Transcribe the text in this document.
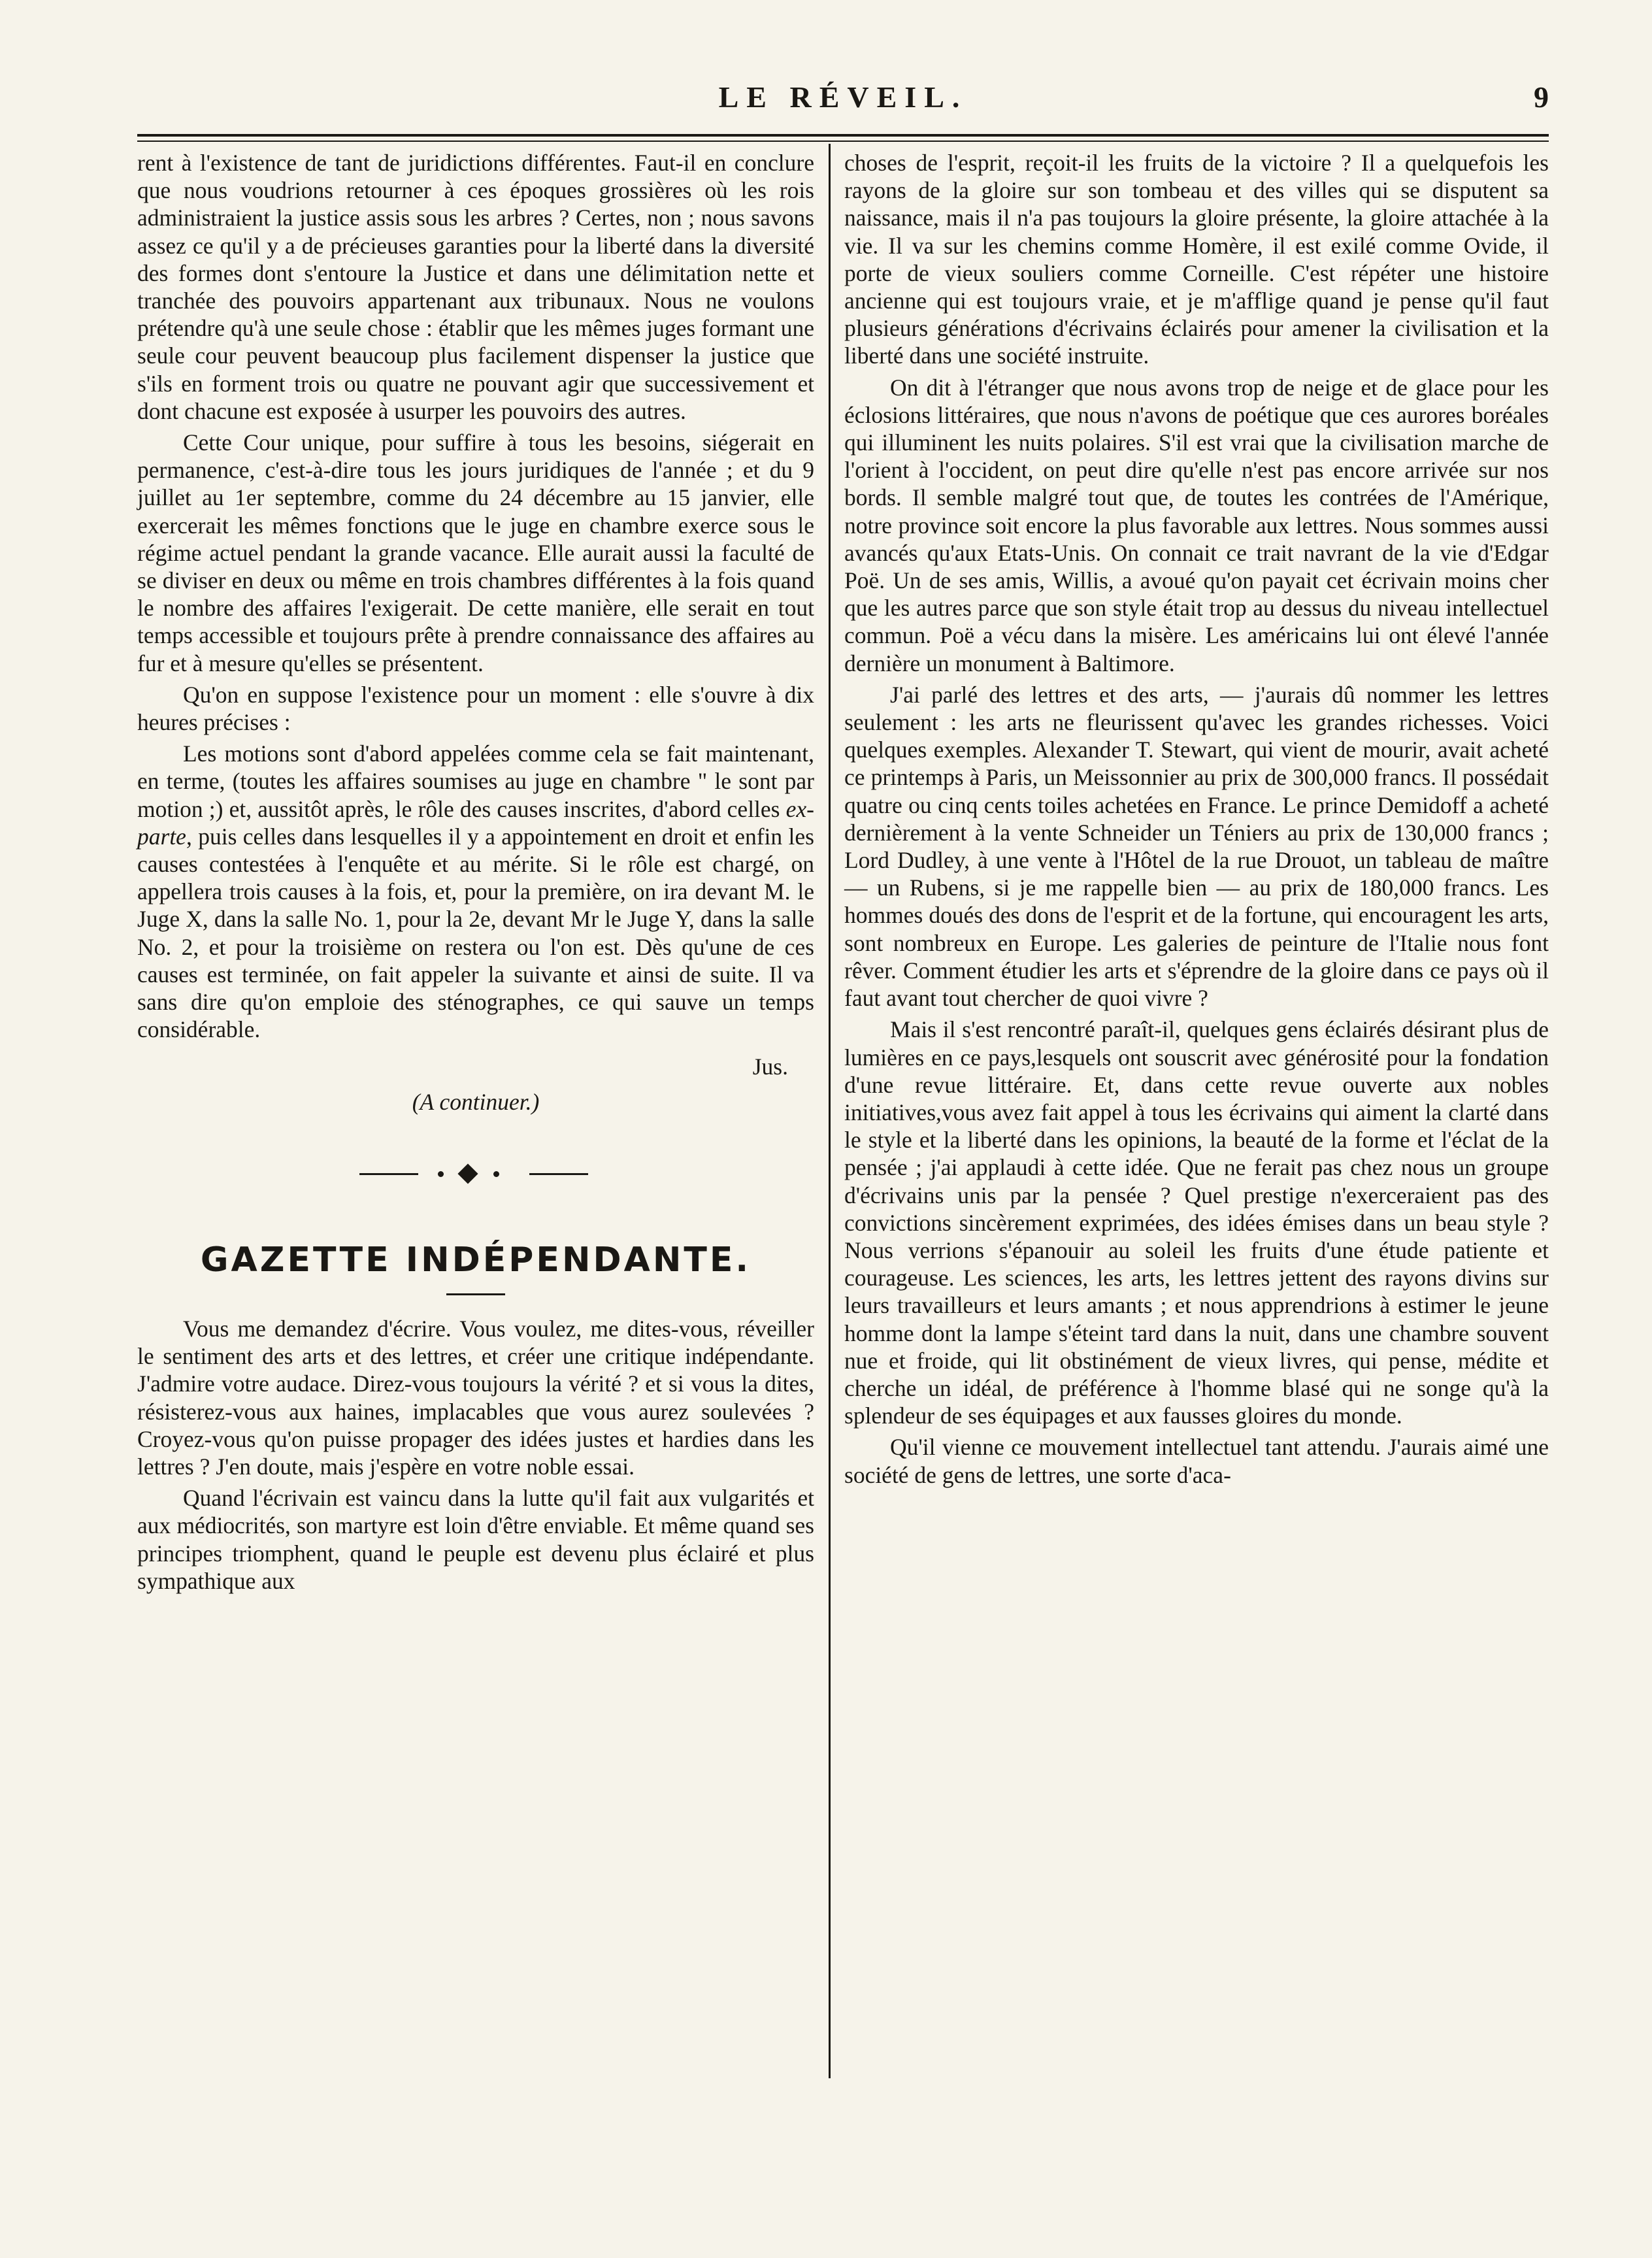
LE RÉVEIL.	9

rent à l'existence de tant de juridictions différentes. Faut-il en conclure que nous voudrions retourner à ces époques grossières où les rois administraient la justice assis sous les arbres ? Certes, non ; nous savons assez ce qu'il y a de précieuses garanties pour la liberté dans la diversité des formes dont s'entoure la Justice et dans une délimitation nette et tranchée des pouvoirs appartenant aux tribunaux. Nous ne voulons prétendre qu'à une seule chose : établir que les mêmes juges formant une seule cour peuvent beaucoup plus facilement dispenser la justice que s'ils en forment trois ou quatre ne pouvant agir que successivement et dont chacune est exposée à usurper les pouvoirs des autres.

Cette Cour unique, pour suffire à tous les besoins, siégerait en permanence, c'est-à-dire tous les jours juridiques de l'année ; et du 9 juillet au 1er septembre, comme du 24 décembre au 15 janvier, elle exercerait les mêmes fonctions que le juge en chambre exerce sous le régime actuel pendant la grande vacance. Elle aurait aussi la faculté de se diviser en deux ou même en trois chambres différentes à la fois quand le nombre des affaires l'exigerait. De cette manière, elle serait en tout temps accessible et toujours prête à prendre connaissance des affaires au fur et à mesure qu'elles se présentent.

Qu'on en suppose l'existence pour un moment : elle s'ouvre à dix heures précises :

Les motions sont d'abord appelées comme cela se fait maintenant, en terme, (toutes les affaires soumises au juge en chambre " le sont par motion ;) et, aussitôt après, le rôle des causes inscrites, d'abord celles ex-parte, puis celles dans lesquelles il y a appointement en droit et enfin les causes contestées à l'enquête et au mérite. Si le rôle est chargé, on appellera trois causes à la fois, et, pour la première, on ira devant M. le Juge X, dans la salle No. 1, pour la 2e, devant Mr le Juge Y, dans la salle No. 2, et pour la troisième on restera ou l'on est. Dès qu'une de ces causes est terminée, on fait appeler la suivante et ainsi de suite. Il va sans dire qu'on emploie des sténographes, ce qui sauve un temps considérable.

Jus.

(A continuer.)

GAZETTE INDÉPENDANTE.

Vous me demandez d'écrire. Vous voulez, me dites-vous, réveiller le sentiment des arts et des lettres, et créer une critique indépendante. J'admire votre audace. Direz-vous toujours la vérité ? et si vous la dites, résisterez-vous aux haines, implacables que vous aurez soulevées ? Croyez-vous qu'on puisse propager des idées justes et hardies dans les lettres ? J'en doute, mais j'espère en votre noble essai.

Quand l'écrivain est vaincu dans la lutte qu'il fait aux vulgarités et aux médiocrités, son martyre est loin d'être enviable. Et même quand ses principes triomphent, quand le peuple est devenu plus éclairé et plus sympathique aux

choses de l'esprit, reçoit-il les fruits de la victoire ? Il a quelquefois les rayons de la gloire sur son tombeau et des villes qui se disputent sa naissance, mais il n'a pas toujours la gloire présente, la gloire attachée à la vie. Il va sur les chemins comme Homère, il est exilé comme Ovide, il porte de vieux souliers comme Corneille. C'est répéter une histoire ancienne qui est toujours vraie, et je m'afflige quand je pense qu'il faut plusieurs générations d'écrivains éclairés pour amener la civilisation et la liberté dans une société instruite.

On dit à l'étranger que nous avons trop de neige et de glace pour les éclosions littéraires, que nous n'avons de poétique que ces aurores boréales qui illuminent les nuits polaires. S'il est vrai que la civilisation marche de l'orient à l'occident, on peut dire qu'elle n'est pas encore arrivée sur nos bords. Il semble malgré tout que, de toutes les contrées de l'Amérique, notre province soit encore la plus favorable aux lettres. Nous sommes aussi avancés qu'aux Etats-Unis. On connait ce trait navrant de la vie d'Edgar Poë. Un de ses amis, Willis, a avoué qu'on payait cet écrivain moins cher que les autres parce que son style était trop au dessus du niveau intellectuel commun. Poë a vécu dans la misère. Les américains lui ont élevé l'année dernière un monument à Baltimore.

J'ai parlé des lettres et des arts, — j'aurais dû nommer les lettres seulement : les arts ne fleurissent qu'avec les grandes richesses. Voici quelques exemples. Alexander T. Stewart, qui vient de mourir, avait acheté ce printemps à Paris, un Meissonnier au prix de 300,000 francs. Il possédait quatre ou cinq cents toiles achetées en France. Le prince Demidoff a acheté dernièrement à la vente Schneider un Téniers au prix de 130,000 francs ; Lord Dudley, à une vente à l'Hôtel de la rue Drouot, un tableau de maître — un Rubens, si je me rappelle bien — au prix de 180,000 francs. Les hommes doués des dons de l'esprit et de la fortune, qui encouragent les arts, sont nombreux en Europe. Les galeries de peinture de l'Italie nous font rêver. Comment étudier les arts et s'éprendre de la gloire dans ce pays où il faut avant tout chercher de quoi vivre ?

Mais il s'est rencontré paraît-il, quelques gens éclairés désirant plus de lumières en ce pays,lesquels ont souscrit avec générosité pour la fondation d'une revue littéraire. Et, dans cette revue ouverte aux nobles initiatives,vous avez fait appel à tous les écrivains qui aiment la clarté dans le style et la liberté dans les opinions, la beauté de la forme et l'éclat de la pensée ; j'ai applaudi à cette idée. Que ne ferait pas chez nous un groupe d'écrivains unis par la pensée ? Quel prestige n'exerceraient pas des convictions sincèrement exprimées, des idées émises dans un beau style ? Nous verrions s'épanouir au soleil les fruits d'une étude patiente et courageuse. Les sciences, les arts, les lettres jettent des rayons divins sur leurs travailleurs et leurs amants ; et nous apprendrions à estimer le jeune homme dont la lampe s'éteint tard dans la nuit, dans une chambre souvent nue et froide, qui lit obstinément de vieux livres, qui pense, médite et cherche un idéal, de préférence à l'homme blasé qui ne songe qu'à la splendeur de ses équipages et aux fausses gloires du monde.

Qu'il vienne ce mouvement intellectuel tant attendu. J'aurais aimé une société de gens de lettres, une sorte d'aca-
